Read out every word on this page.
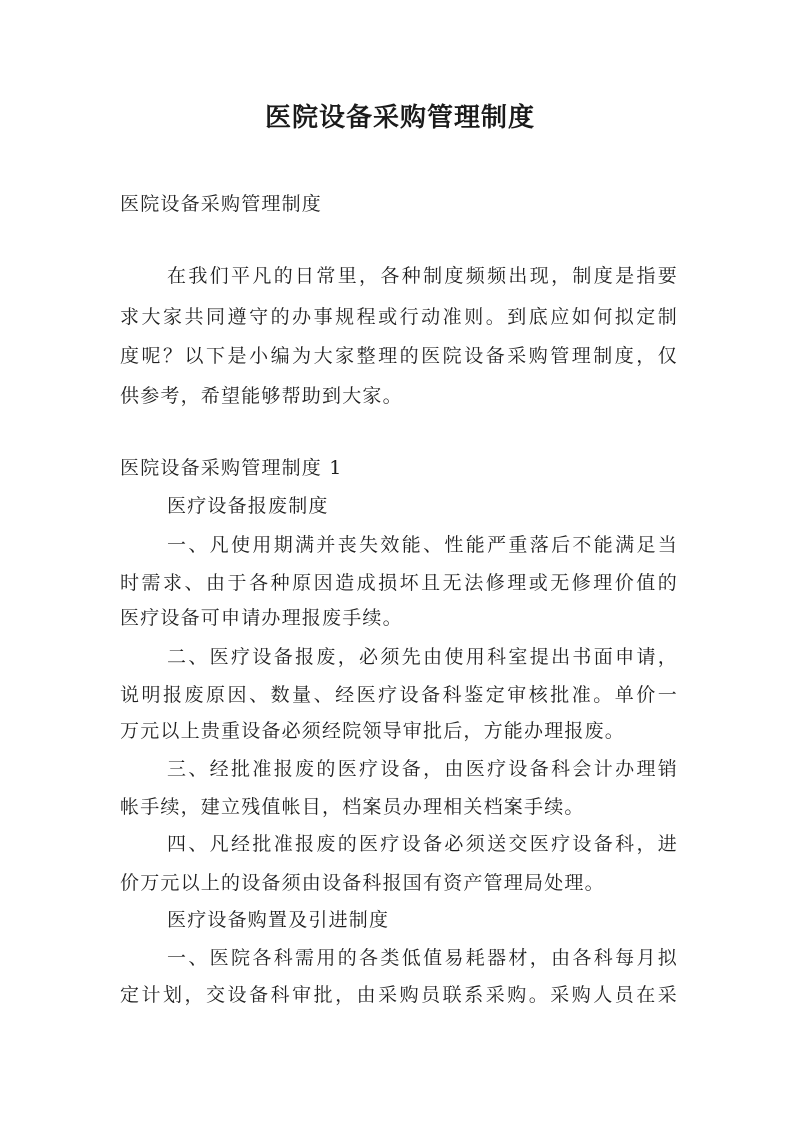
医院设备采购管理制度
医院设备采购管理制度
在我们平凡的日常里，各种制度频频出现，制度是指要
求大家共同遵守的办事规程或行动准则。到底应如何拟定制
度呢？以下是小编为大家整理的医院设备采购管理制度，仅
供参考，希望能够帮助到大家。
医院设备采购管理制度 1
医疗设备报废制度
一、凡使用期满并丧失效能、性能严重落后不能满足当
时需求、由于各种原因造成损坏且无法修理或无修理价值的
医疗设备可申请办理报废手续。
二、医疗设备报废，必须先由使用科室提出书面申请，
说明报废原因、数量、经医疗设备科鉴定审核批准。单价一
万元以上贵重设备必须经院领导审批后，方能办理报废。
三、经批准报废的医疗设备，由医疗设备科会计办理销
帐手续，建立残值帐目，档案员办理相关档案手续。
四、凡经批准报废的医疗设备必须送交医疗设备科，进
价万元以上的设备须由设备科报国有资产管理局处理。
医疗设备购置及引进制度
一、医院各科需用的各类低值易耗器材，由各科每月拟
定计划，交设备科审批，由采购员联系采购。采购人员在采
